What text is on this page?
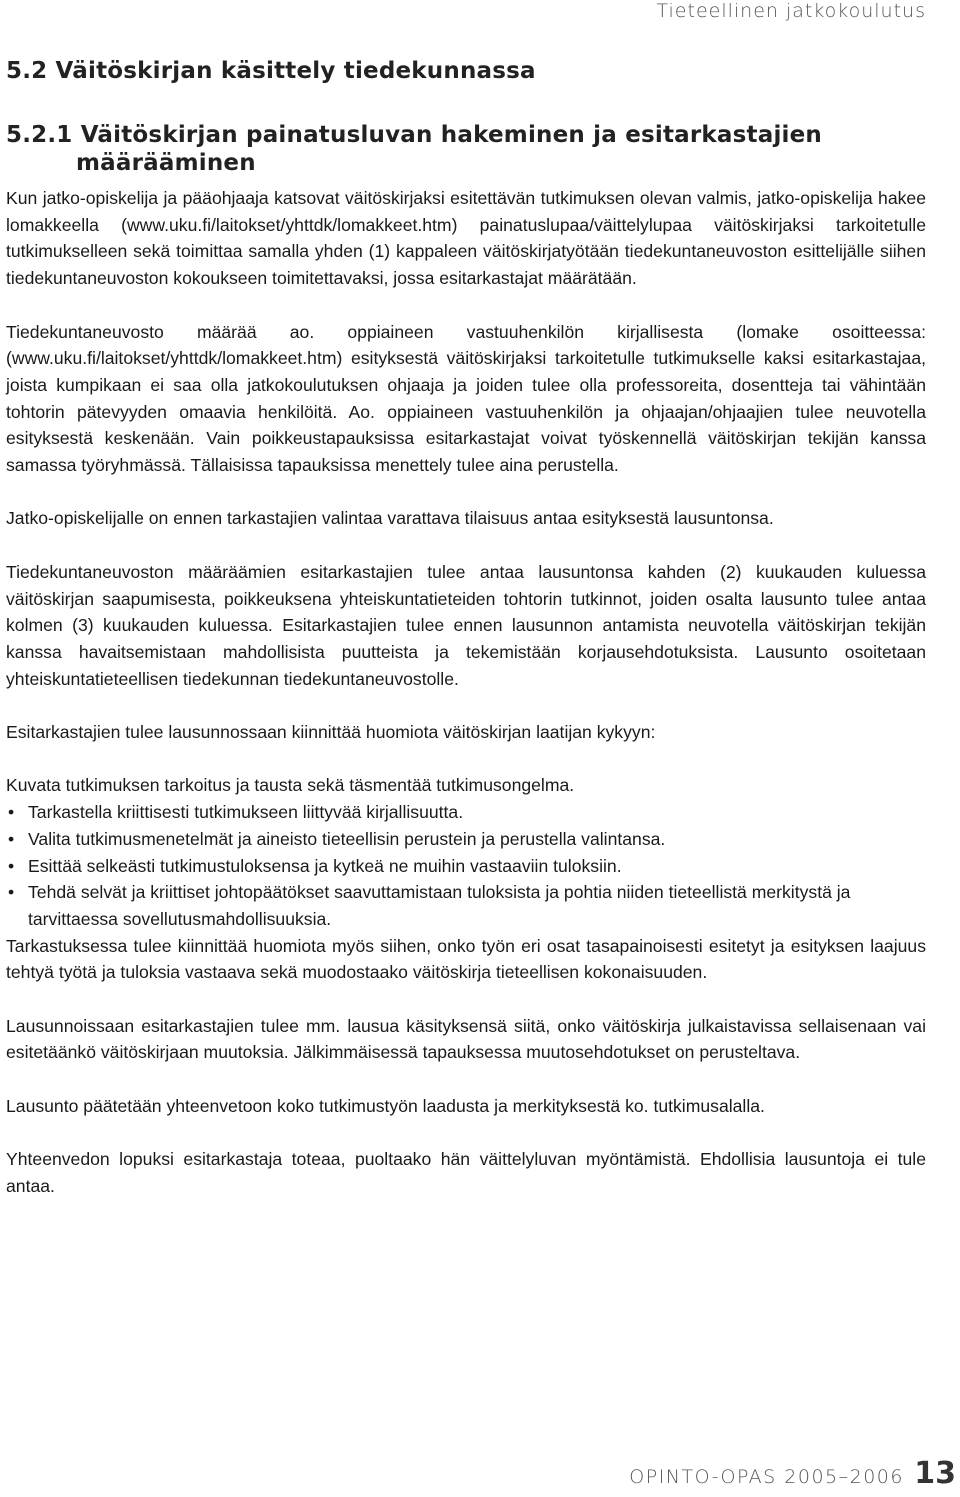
Tieteellinen jatkokoulutus
5.2 Väitöskirjan käsittely tiedekunnassa
5.2.1 Väitöskirjan painatusluvan hakeminen ja esitarkastajien
määrääminen

Kun jatko-opiskelija ja pääohjaaja katsovat väitöskirjaksi esitettävän tutkimuksen olevan valmis, jatko-opiskelija hakee lomakkeella (www.uku.fi/laitokset/yhttdk/lomakkeet.htm) painatuslupaa/väittelylupaa väitöskirjaksi tarkoitetulle tutkimukselleen sekä toimittaa samalla yhden (1) kappaleen väitöskirjatyötään tiedekuntaneuvoston esittelijälle siihen tiedekuntaneuvoston kokoukseen toimitettavaksi, jossa esitarkastajat määrätään.

Tiedekuntaneuvosto määrää ao. oppiaineen vastuuhenkilön kirjallisesta (lomake osoitteessa: (www.uku.fi/laitokset/yhttdk/lomakkeet.htm) esityksestä väitöskirjaksi tarkoitetulle tutkimukselle kaksi esitarkastajaa, joista kumpikaan ei saa olla jatkokoulutuksen ohjaaja ja joiden tulee olla professoreita, dosentteja tai vähintään tohtorin pätevyyden omaavia henkilöitä. Ao. oppiaineen vastuuhenkilön ja ohjaajan/ohjaajien tulee neuvotella esityksestä keskenään. Vain poikkeustapauksissa esitarkastajat voivat työskennellä väitöskirjan tekijän kanssa samassa työryhmässä. Tällaisissa tapauksissa menettely tulee aina perustella.

Jatko-opiskelijalle on ennen tarkastajien valintaa varattava tilaisuus antaa esityksestä lausuntonsa.

Tiedekuntaneuvoston määräämien esitarkastajien tulee antaa lausuntonsa kahden (2) kuukauden kuluessa väitöskirjan saapumisesta, poikkeuksena yhteiskuntatieteiden tohtorin tutkinnot, joiden osalta lausunto tulee antaa kolmen (3) kuukauden kuluessa. Esitarkastajien tulee ennen lausunnon antamista neuvotella väitöskirjan tekijän kanssa havaitsemistaan mahdollisista puutteista ja tekemistään korjausehdotuksista. Lausunto osoitetaan yhteiskuntatieteellisen tiedekunnan tiedekuntaneuvostolle.

Esitarkastajien tulee lausunnossaan kiinnittää huomiota väitöskirjan laatijan kykyyn:

Kuvata tutkimuksen tarkoitus ja tausta sekä täsmentää tutkimusongelma.

• Tarkastella kriittisesti tutkimukseen liittyvää kirjallisuutta.
• Valita tutkimusmenetelmät ja aineisto tieteellisin perustein ja perustella valintansa.
• Esittää selkeästi tutkimustuloksensa ja kytkeä ne muihin vastaaviin tuloksiin.
• Tehdä selvät ja kriittiset johtopäätökset saavuttamistaan tuloksista ja pohtia niiden tieteellistä merkitystä ja tarvittaessa sovellutusmahdollisuuksia.

Tarkastuksessa tulee kiinnittää huomiota myös siihen, onko työn eri osat tasapainoisesti esitetyt ja esityksen laajuus tehtyä työtä ja tuloksia vastaava sekä muodostaako väitöskirja tieteellisen kokonaisuuden.

Lausunnoissaan esitarkastajien tulee mm. lausua käsityksensä siitä, onko väitöskirja julkaistavissa sellaisenaan vai esitetäänkö väitöskirjaan muutoksia. Jälkimmäisessä tapauksessa muutosehdotukset on perusteltava.

Lausunto päätetään yhteenvetoon koko tutkimustyön laadusta ja merkityksestä ko. tutkimusalalla.

Yhteenvedon lopuksi esitarkastaja toteaa, puoltaako hän väittelyluvan myöntämistä. Ehdollisia lausuntoja ei tule antaa.

OPINTO-OPAS 2005–2006 13
